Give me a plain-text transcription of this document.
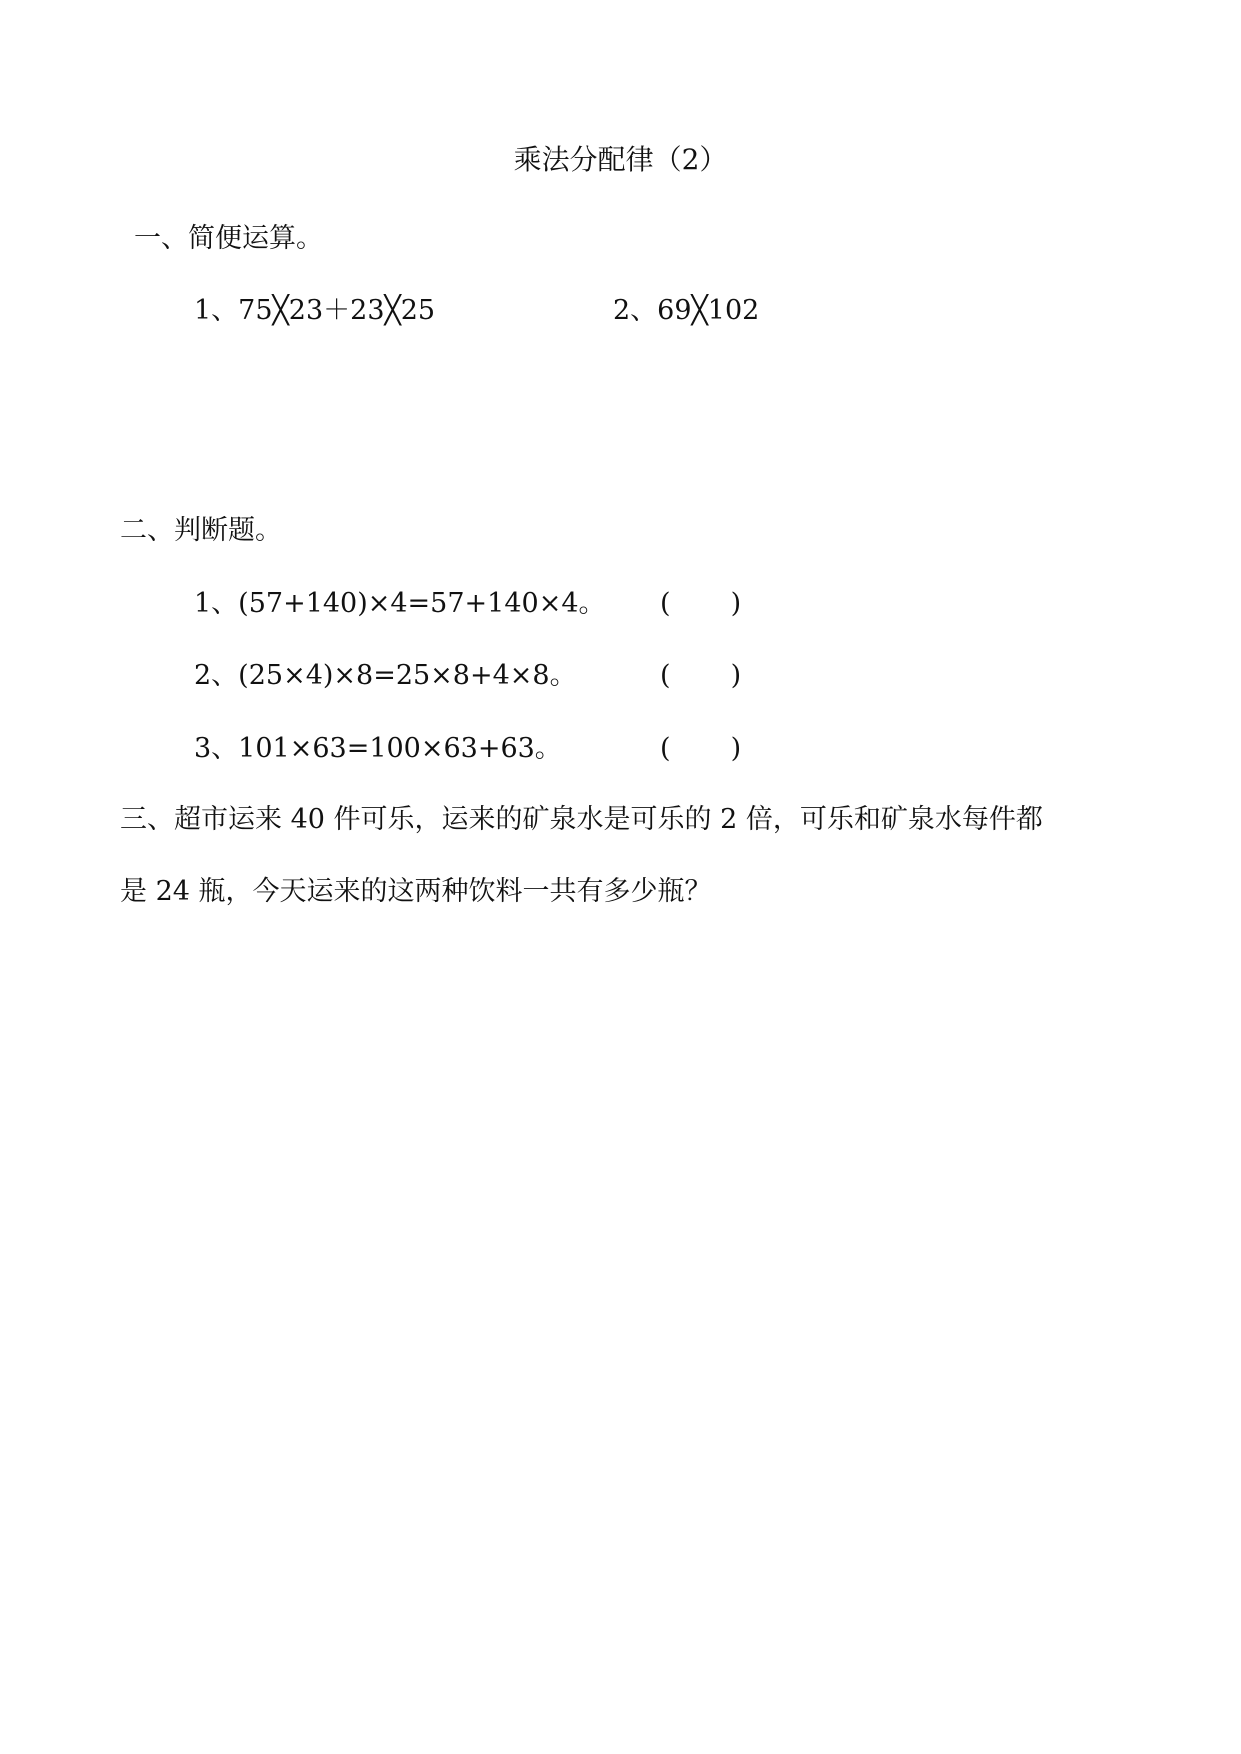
乘法分配律（2）
一、简便运算。
1、75╳23＋23╳25	2、69╳102
二、判断题。
1、(57+140)×4=57+140×4。 (       )
2、(25×4)×8=25×8+4×8。	(       )
3、101×63=100×63+63。	(       )
三、超市运来 40 件可乐，运来的矿泉水是可乐的 2 倍，可乐和矿泉水每件都
是 24 瓶，今天运来的这两种饮料一共有多少瓶？
